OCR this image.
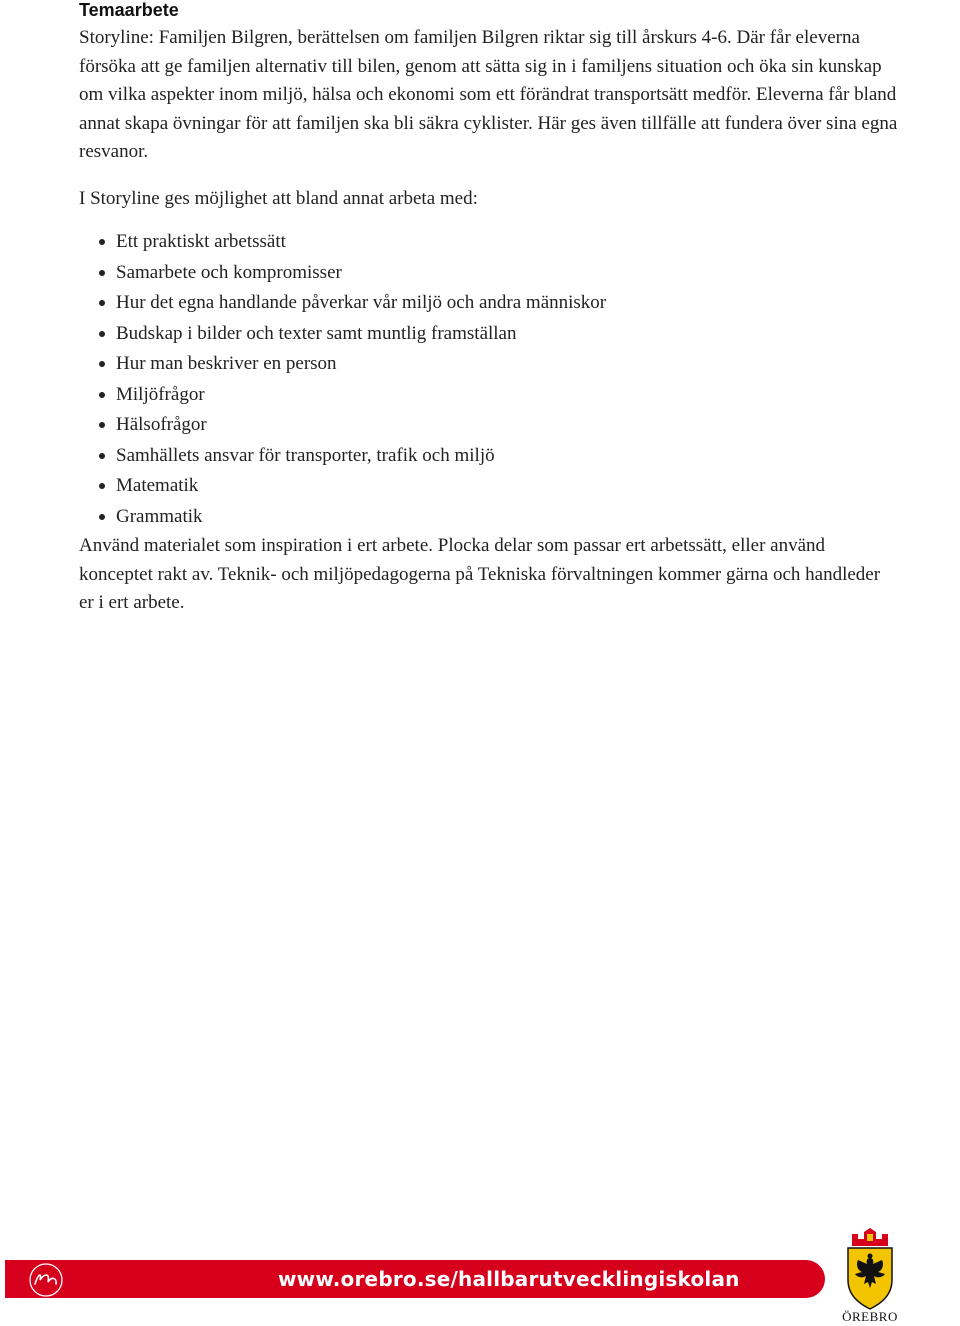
Temaarbete

Storyline: Familjen Bilgren, berättelsen om familjen Bilgren riktar sig till årskurs 4-6. Där får eleverna försöka att ge familjen alternativ till bilen, genom att sätta sig in i familjens situation och öka sin kunskap om vilka aspekter inom miljö, hälsa och ekonomi som ett förändrat transportsätt medför. Eleverna får bland annat skapa övningar för att familjen ska bli säkra cyklister. Här ges även tillfälle att fundera över sina egna resvanor.

I Storyline ges möjlighet att bland annat arbeta med:

Ett praktiskt arbetssätt
Samarbete och kompromisser
Hur det egna handlande påverkar vår miljö och andra människor
Budskap i bilder och texter samt muntlig framställan
Hur man beskriver en person
Miljöfrågor
Hälsofrågor
Samhällets ansvar för transporter, trafik och miljö
Matematik
Grammatik

Använd materialet som inspiration i ert arbete. Plocka delar som passar ert arbetssätt, eller använd konceptet rakt av. Teknik- och miljöpedagogerna på Tekniska förvaltningen kommer gärna och handleder er i ert arbete.

www.orebro.se/hallbarutvecklingiskolan
ÖREBRO
